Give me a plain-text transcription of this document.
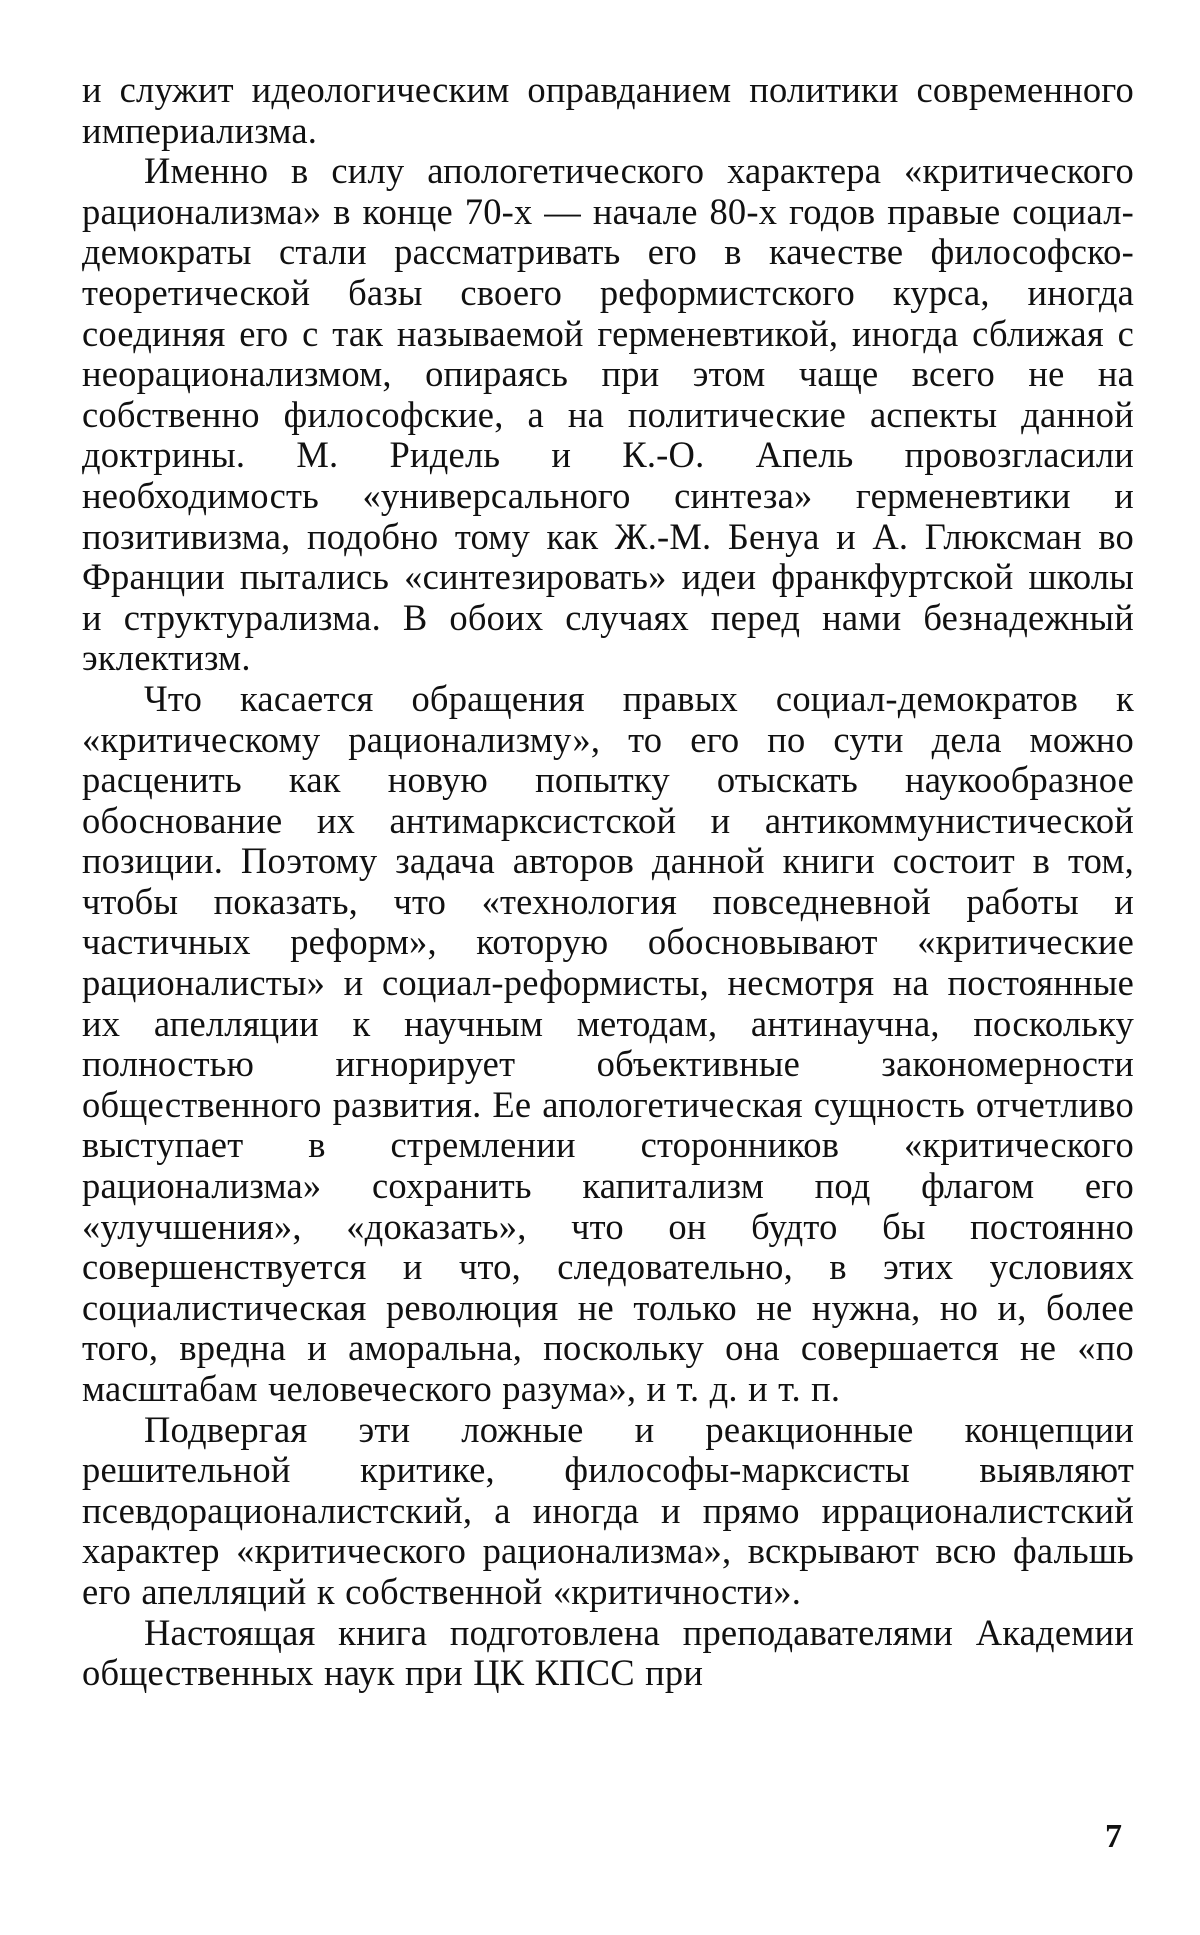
и служит идеологическим оправданием политики современного империализма.

Именно в силу апологетического характера «критического рационализма» в конце 70-х — начале 80-х годов правые социал-демократы стали рассматривать его в качестве философско-теоретической базы своего реформистского курса, иногда соединяя его с так называемой герменевтикой, иногда сближая с неорационализмом, опираясь при этом чаще всего не на собственно философские, а на политические аспекты данной доктрины. М. Ридель и К.-О. Апель провозгласили необходимость «универсального синтеза» герменевтики и позитивизма, подобно тому как Ж.-М. Бенуа и А. Глюксман во Франции пытались «синтезировать» идеи франкфуртской школы и структурализма. В обоих случаях перед нами безнадежный эклектизм.

Что касается обращения правых социал-демократов к «критическому рационализму», то его по сути дела можно расценить как новую попытку отыскать наукообразное обоснование их антимарксистской и антикоммунистической позиции. Поэтому задача авторов данной книги состоит в том, чтобы показать, что «технология повседневной работы и частичных реформ», которую обосновывают «критические рационалисты» и социал-реформисты, несмотря на постоянные их апелляции к научным методам, антинаучна, поскольку полностью игнорирует объективные закономерности общественного развития. Ее апологетическая сущность отчетливо выступает в стремлении сторонников «критического рационализма» сохранить капитализм под флагом его «улучшения», «доказать», что он будто бы постоянно совершенствуется и что, следовательно, в этих условиях социалистическая революция не только не нужна, но и, более того, вредна и аморальна, поскольку она совершается не «по масштабам человеческого разума», и т. д. и т. п.

Подвергая эти ложные и реакционные концепции решительной критике, философы-марксисты выявляют псевдорационалистский, а иногда и прямо иррационалистский характер «критического рационализма», вскрывают всю фальшь его апелляций к собственной «критичности».

Настоящая книга подготовлена преподавателями Академии общественных наук при ЦК КПСС при

7
